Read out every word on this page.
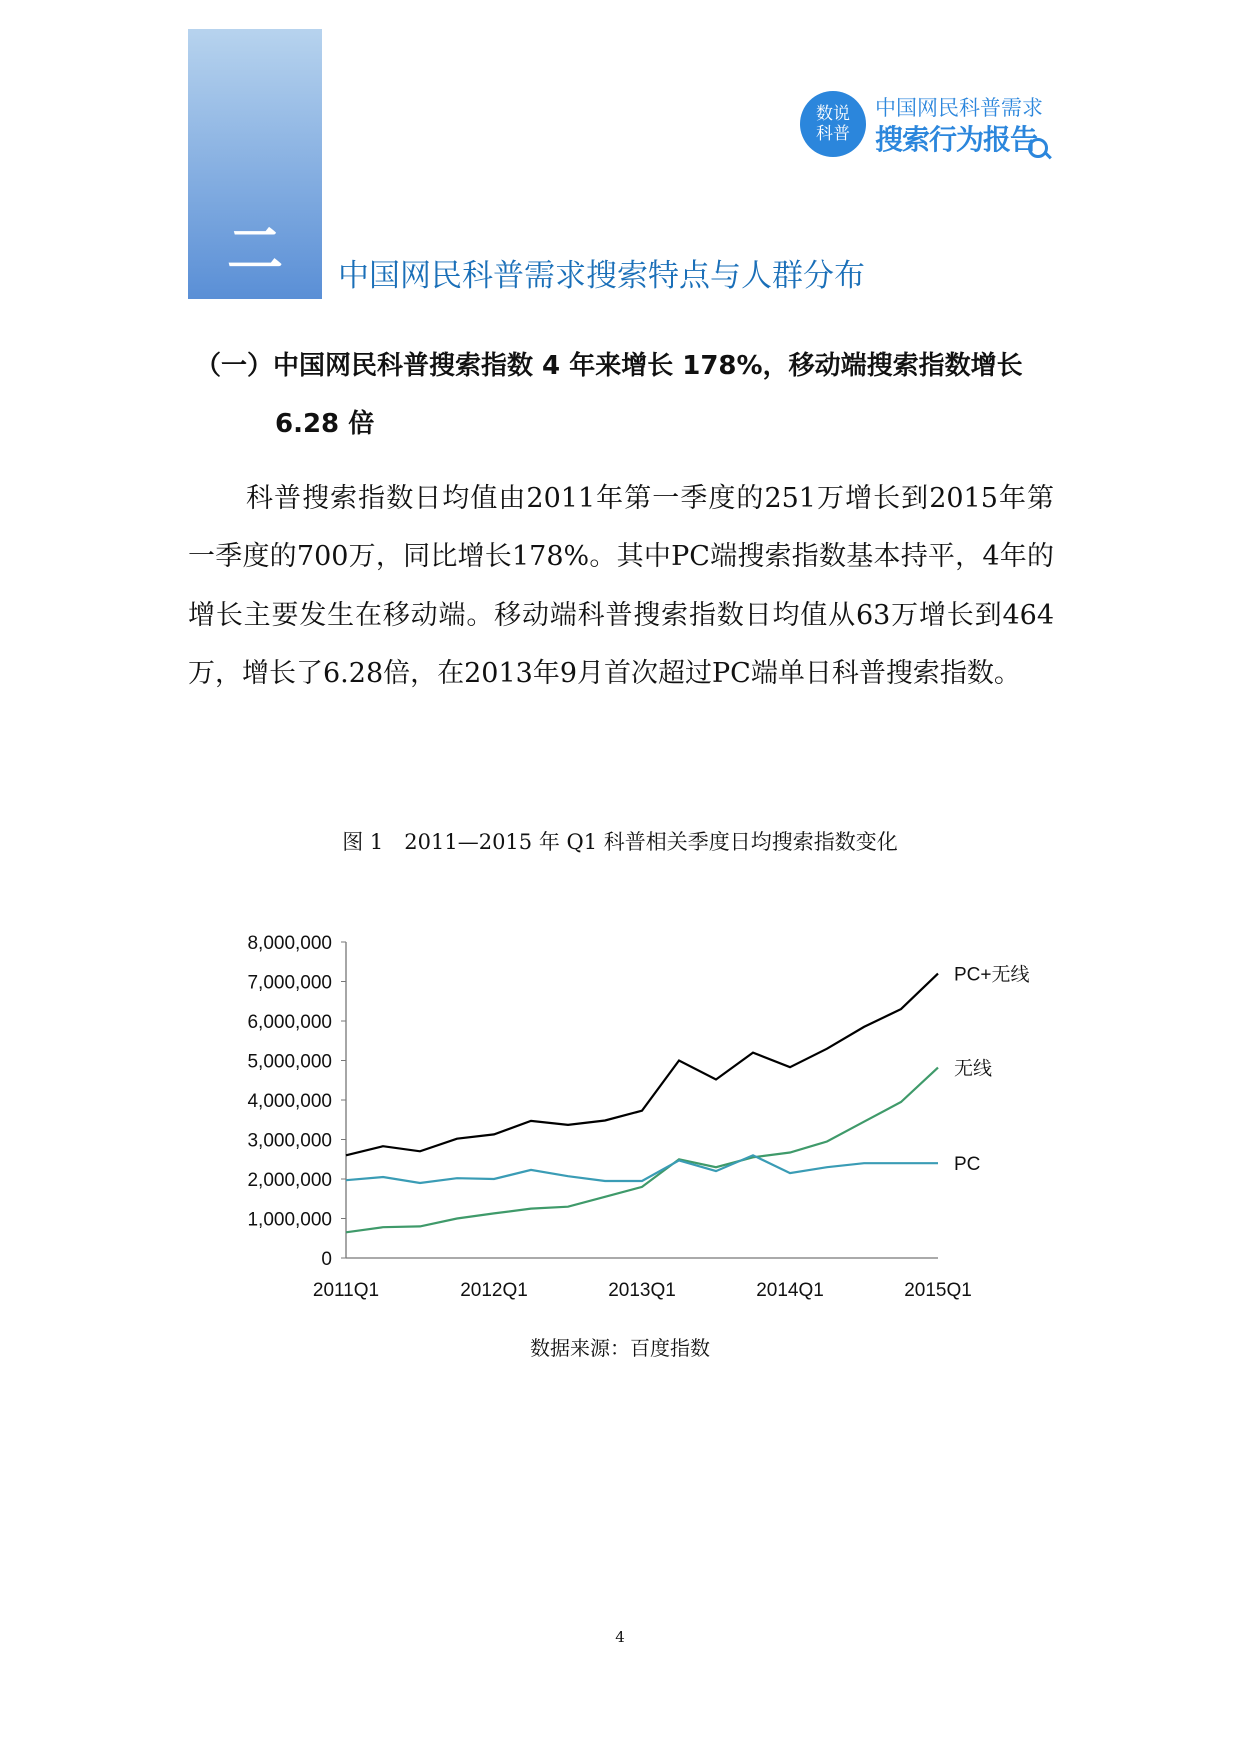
二	中国网民科普需求搜索特点与人群分布
数说
科普
中国网民科普需求
搜索行为报告
（一）中国网民科普搜索指数 4 年来增长 178%，移动端搜索指数增长
6.28 倍
科普搜索指数日均值由2011年第一季度的251万增长到2015年第一季度的700万，同比增长178%。其中PC端搜索指数基本持平，4年的增长主要发生在移动端。移动端科普搜索指数日均值从63万增长到464万，增长了6.28倍，在2013年9月首次超过PC端单日科普搜索指数。
图 1　2011—2015 年 Q1 科普相关季度日均搜索指数变化
0
1,000,000
2,000,000
3,000,000
4,000,000
5,000,000
6,000,000
7,000,000
8,000,000
2011Q1	2012Q1	2013Q1	2014Q1	2015Q1
PC+无线
无线
PC
数据来源：百度指数
4
